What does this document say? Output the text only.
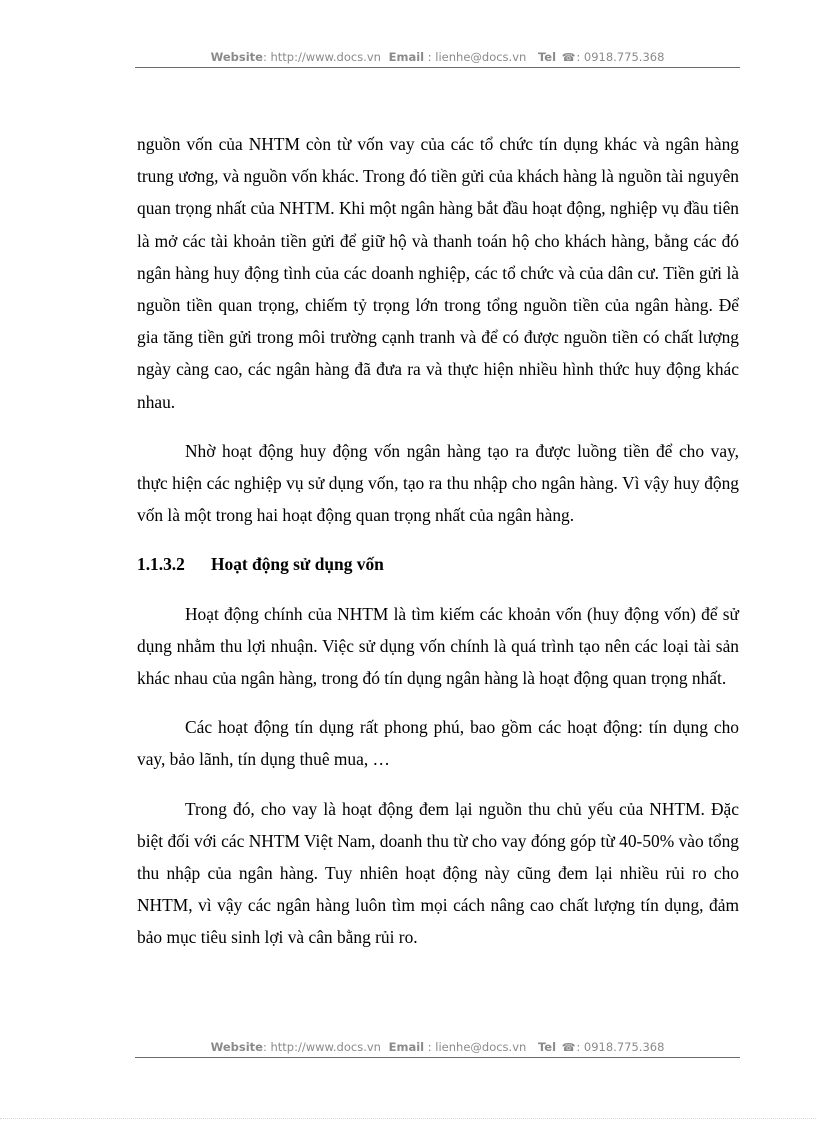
Website: http://www.docs.vn Email : lienhe@docs.vn Tel ☎: 0918.775.368

nguồn vốn của NHTM còn từ vốn vay của các tổ chức tín dụng khác và ngân hàng trung ương, và nguồn vốn khác. Trong đó tiền gửi của khách hàng là nguồn tài nguyên quan trọng nhất của NHTM. Khi một ngân hàng bắt đầu hoạt động, nghiệp vụ đầu tiên là mở các tài khoản tiền gửi để giữ hộ và thanh toán hộ cho khách hàng, bằng các đó ngân hàng huy động tình của các doanh nghiệp, các tổ chức và của dân cư. Tiền gửi là nguồn tiền quan trọng, chiếm tỷ trọng lớn trong tổng nguồn tiền của ngân hàng. Để gia tăng tiền gửi trong môi trường cạnh tranh và để có được nguồn tiền có chất lượng ngày càng cao, các ngân hàng đã đưa ra và thực hiện nhiều hình thức huy động khác nhau.

Nhờ hoạt động huy động vốn ngân hàng tạo ra được luồng tiền để cho vay, thực hiện các nghiệp vụ sử dụng vốn, tạo ra thu nhập cho ngân hàng. Vì vậy huy động vốn là một trong hai hoạt động quan trọng nhất của ngân hàng.

1.1.3.2 Hoạt động sử dụng vốn

Hoạt động chính của NHTM là tìm kiếm các khoản vốn (huy động vốn) để sử dụng nhằm thu lợi nhuận. Việc sử dụng vốn chính là quá trình tạo nên các loại tài sản khác nhau của ngân hàng, trong đó tín dụng ngân hàng là hoạt động quan trọng nhất.

Các hoạt động tín dụng rất phong phú, bao gồm các hoạt động: tín dụng cho vay, bảo lãnh, tín dụng thuê mua, …

Trong đó, cho vay là hoạt động đem lại nguồn thu chủ yếu của NHTM. Đặc biệt đối với các NHTM Việt Nam, doanh thu từ cho vay đóng góp từ 40-50% vào tổng thu nhập của ngân hàng. Tuy nhiên hoạt động này cũng đem lại nhiều rủi ro cho NHTM, vì vậy các ngân hàng luôn tìm mọi cách nâng cao chất lượng tín dụng, đảm bảo mục tiêu sinh lợi và cân bằng rủi ro.

Website: http://www.docs.vn Email : lienhe@docs.vn Tel ☎: 0918.775.368
